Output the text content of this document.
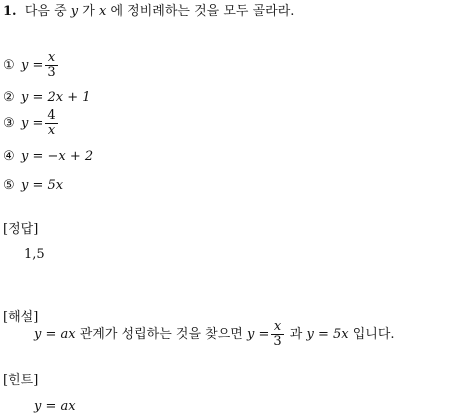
1. 다음 중 y 가 x 에 정비례하는 것을 모두 골라라.
① $y = \frac{x}{3}$
② y =
2x + 1
③ $y = \frac{4}{x}$
④ y =
−x + 2
⑤ y =
5x
[정답]
1,5
[해설]
y = ax
관계가 성립하는 것을 찾으면
$y = \frac{x}{3}$
과
y = 5x
입니다.
[힌트]
y = ax
